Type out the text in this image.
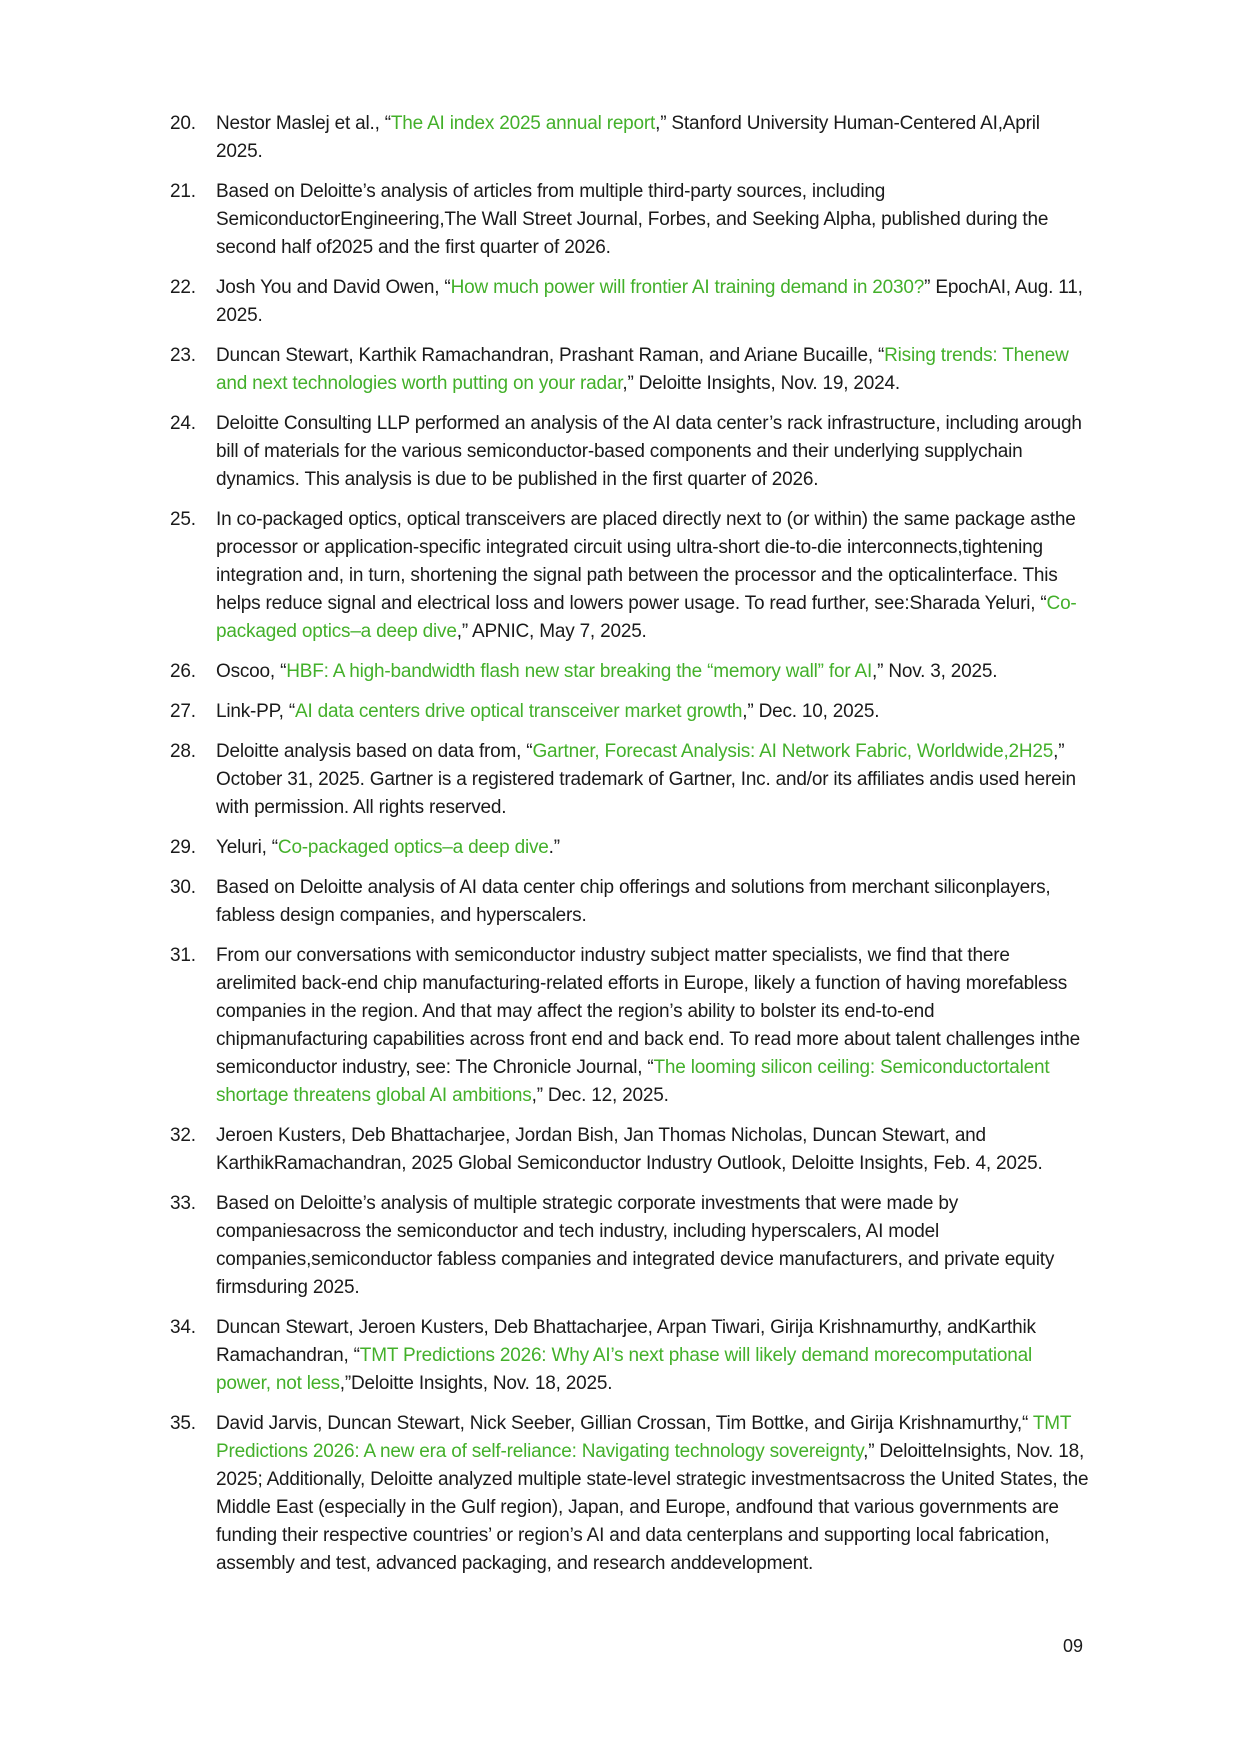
20.	Nestor Maslej et al., “The AI index 2025 annual report,” Stanford University Human-Centered AI,April 2025.
21.	Based on Deloitte’s analysis of articles from multiple third-party sources, including SemiconductorEngineering,The Wall Street Journal, Forbes, and Seeking Alpha, published during the second half of2025 and the first quarter of 2026.
22.	Josh You and David Owen, “How much power will frontier AI training demand in 2030?” EpochAI, Aug. 11, 2025.
23.	Duncan Stewart, Karthik Ramachandran, Prashant Raman, and Ariane Bucaille, “Rising trends: Thenew and next technologies worth putting on your radar,” Deloitte Insights, Nov. 19, 2024.
24.	Deloitte Consulting LLP performed an analysis of the AI data center’s rack infrastructure, including arough bill of materials for the various semiconductor-based components and their underlying supplychain dynamics. This analysis is due to be published in the first quarter of 2026.
25.	In co-packaged optics, optical transceivers are placed directly next to (or within) the same package asthe processor or application-specific integrated circuit using ultra-short die-to-die interconnects,tightening integration and, in turn, shortening the signal path between the processor and the opticalinterface. This helps reduce signal and electrical loss and lowers power usage. To read further, see:Sharada Yeluri, “Co-packaged optics–a deep dive,” APNIC, May 7, 2025.
26.	Oscoo, “HBF: A high-bandwidth flash new star breaking the “memory wall” for AI,” Nov. 3, 2025.
27.	Link-PP, “AI data centers drive optical transceiver market growth,” Dec. 10, 2025.
28.	Deloitte analysis based on data from, “Gartner, Forecast Analysis: AI Network Fabric, Worldwide,2H25,” October 31, 2025. Gartner is a registered trademark of Gartner, Inc. and/or its affiliates andis used herein with permission. All rights reserved.
29.	Yeluri, “Co-packaged optics–a deep dive.”
30.	Based on Deloitte analysis of AI data center chip offerings and solutions from merchant siliconplayers, fabless design companies, and hyperscalers.
31.	From our conversations with semiconductor industry subject matter specialists, we find that there arelimited back-end chip manufacturing-related efforts in Europe, likely a function of having morefabless companies in the region. And that may affect the region’s ability to bolster its end-to-end chipmanufacturing capabilities across front end and back end. To read more about talent challenges inthe semiconductor industry, see: The Chronicle Journal, “The looming silicon ceiling: Semiconductortalent shortage threatens global AI ambitions,” Dec. 12, 2025.
32.	Jeroen Kusters, Deb Bhattacharjee, Jordan Bish, Jan Thomas Nicholas, Duncan Stewart, and KarthikRamachandran, 2025 Global Semiconductor Industry Outlook, Deloitte Insights, Feb. 4, 2025.
33.	Based on Deloitte’s analysis of multiple strategic corporate investments that were made by companiesacross the semiconductor and tech industry, including hyperscalers, AI model companies,semiconductor fabless companies and integrated device manufacturers, and private equity firmsduring 2025.
34.	Duncan Stewart, Jeroen Kusters, Deb Bhattacharjee, Arpan Tiwari, Girija Krishnamurthy, andKarthik Ramachandran, “TMT Predictions 2026: Why AI’s next phase will likely demand morecomputational power, not less,”Deloitte Insights, Nov. 18, 2025.
35.	David Jarvis, Duncan Stewart, Nick Seeber, Gillian Crossan, Tim Bottke, and Girija Krishnamurthy,“ TMT Predictions 2026: A new era of self-reliance: Navigating technology sovereignty,” DeloitteInsights, Nov. 18, 2025; Additionally, Deloitte analyzed multiple state-level strategic investmentsacross the United States, the Middle East (especially in the Gulf region), Japan, and Europe, andfound that various governments are funding their respective countries’ or region’s AI and data centerplans and supporting local fabrication, assembly and test, advanced packaging, and research anddevelopment.
09
